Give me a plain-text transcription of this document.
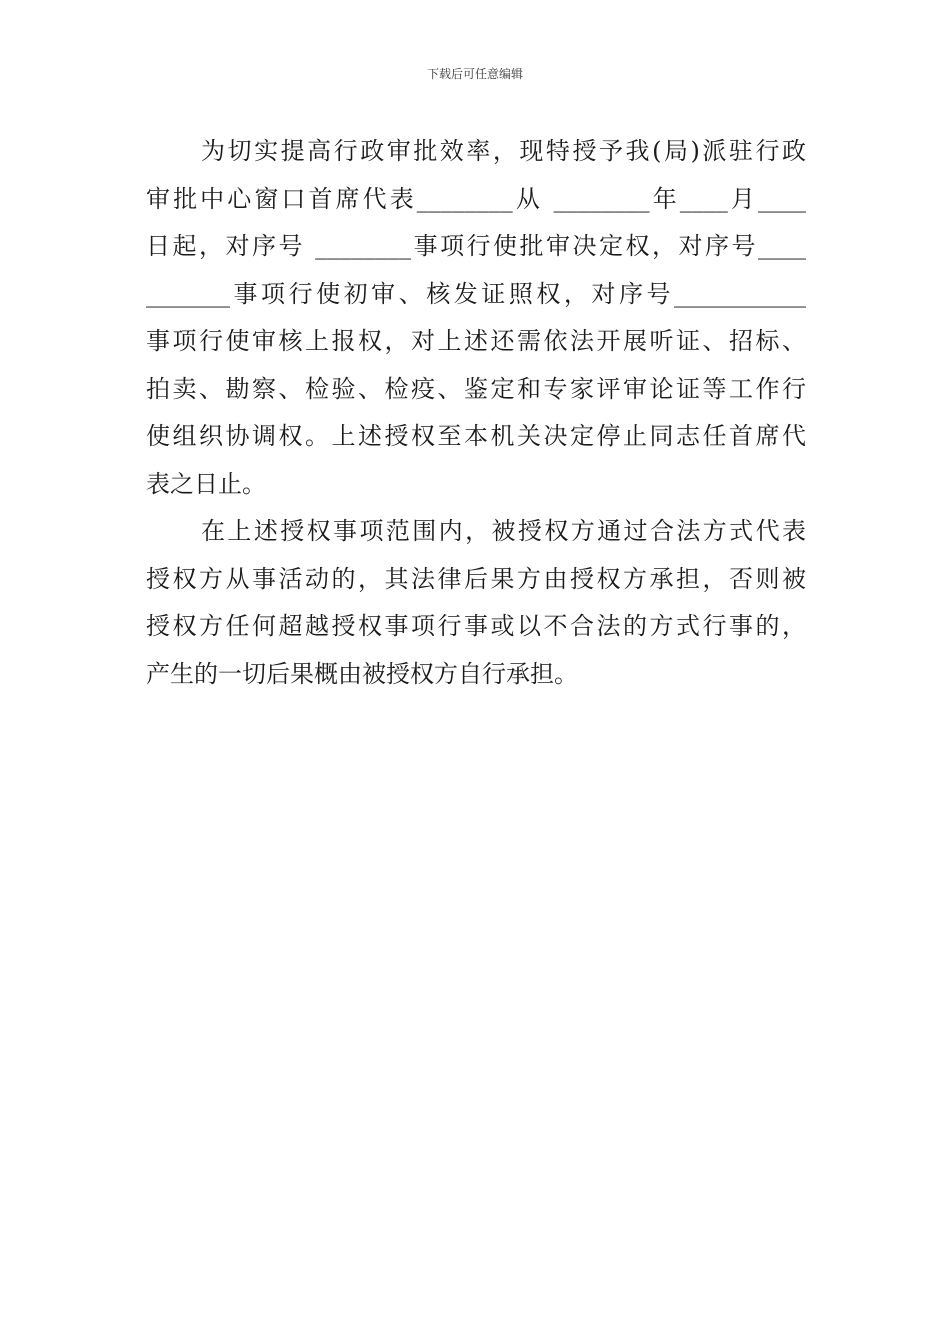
下载后可任意编辑
为切实提高行政审批效率，现特授予我(局)派驻行政
审批中心窗口首席代表________从 ________年____月____
日起，对序号 ________事项行使批审决定权，对序号____
_______事项行使初审、核发证照权，对序号___________
事项行使审核上报权，对上述还需依法开展听证、招标、
拍卖、勘察、检验、检疫、鉴定和专家评审论证等工作行
使组织协调权。上述授权至本机关决定停止同志任首席代
表之日止。
在上述授权事项范围内，被授权方通过合法方式代表
授权方从事活动的，其法律后果方由授权方承担，否则被
授权方任何超越授权事项行事或以不合法的方式行事的，
产生的一切后果概由被授权方自行承担。
